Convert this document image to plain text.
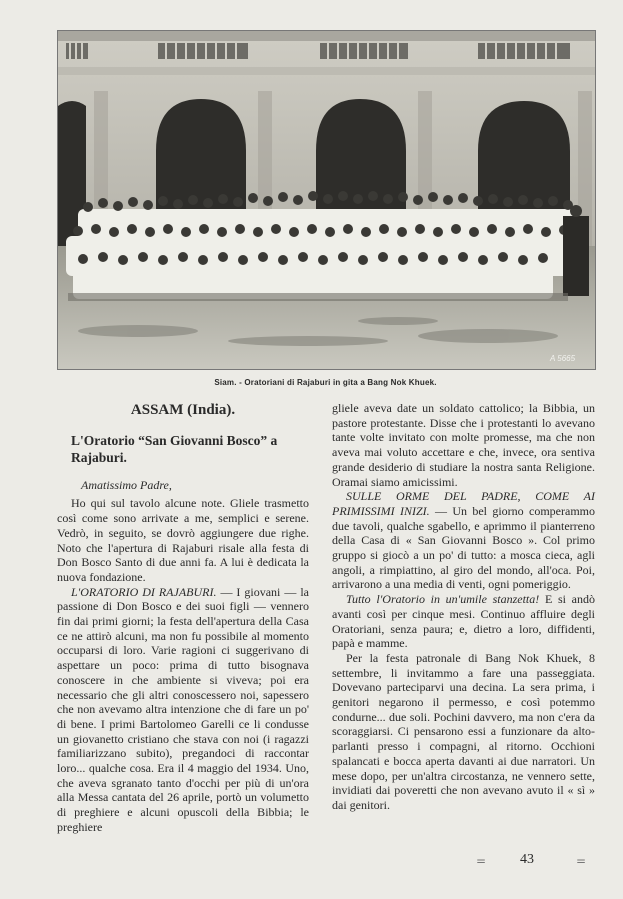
A 5665
Siam. - Oratoriani di Rajaburi in gita a Bang Nok Khuek.
ASSAM (India).
L'Oratorio “San Giovanni Bosco” a Rajaburi.

Amatissimo Padre,

Ho qui sul tavolo alcune note. Gliele trasmetto così come sono arrivate a me, semplici e serene. Vedrò, in seguito, se dovrò aggiungere due righe. Noto che l'apertura di Rajaburi risale alla festa di Don Bosco Santo di due anni fa. A lui è dedicata la nuova fondazione.

L'ORATORIO DI RAJABURI. — I giovani — la passione di Don Bosco e dei suoi figli — vennero fin dai primi giorni; la festa dell'apertura della Casa ce ne attirò alcuni, ma non fu possibile al momento occuparsi di loro. Varie ragioni ci suggerivano di aspettare un poco: prima di tutto bisognava conoscere in che ambiente si viveva; poi era necessario che gli altri conoscessero noi, sapessero che non avevamo altra intenzione che di fare un po' di bene. I primi Bartolomeo Garelli ce li condusse un giovanetto cristiano che stava con noi (i ragazzi familiarizzano subito), pregandoci di raccontar loro... qualche cosa. Era il 4 maggio del 1934. Uno, che aveva sgranato tanto d'occhi per più di un'ora alla Messa cantata del 26 aprile, portò un volumetto di preghiere e alcuni opuscoli della Bibbia; le preghiere

gliele aveva date un soldato cattolico; la Bibbia, un pastore protestante. Disse che i protestanti lo avevano tante volte invitato con molte promesse, ma che non aveva mai voluto accettare e che, invece, ora sentiva grande desiderio di studiare la nostra santa Religione. Oramai siamo amicissimi.

SULLE ORME DEL PADRE, COME AI PRIMISSIMI INIZI. — Un bel giorno comperammo due tavoli, qualche sgabello, e aprimmo il pianterreno della Casa di « San Giovanni Bosco ». Col primo gruppo si giocò a un po' di tutto: a mosca cieca, agli angoli, a rimpiattino, al giro del mondo, all'oca. Poi, arrivarono a una media di venti, ogni pomeriggio.

Tutto l'Oratorio in un'umile stanzetta! E si andò avanti così per cinque mesi. Continuo affluire degli Oratoriani, senza paura; e, dietro a loro, diffidenti, papà e mamme.

Per la festa patronale di Bang Nok Khuek, 8 settembre, li invitammo a fare una passeggiata. Dovevano parteciparvi una decina. La sera prima, i genitori negarono il permesso, e così potemmo condurne... due soli. Pochini davvero, ma non c'era da scoraggiarsi. Ci pensarono essi a funzionare da alto-parlanti presso i compagni, al ritorno. Occhioni spalancati e bocca aperta davanti ai due narratori. Un mese dopo, per un'altra circostanza, ne vennero sette, invidiati dai poveretti che non avevano avuto il « sì » dai genitori.

= 43	=
